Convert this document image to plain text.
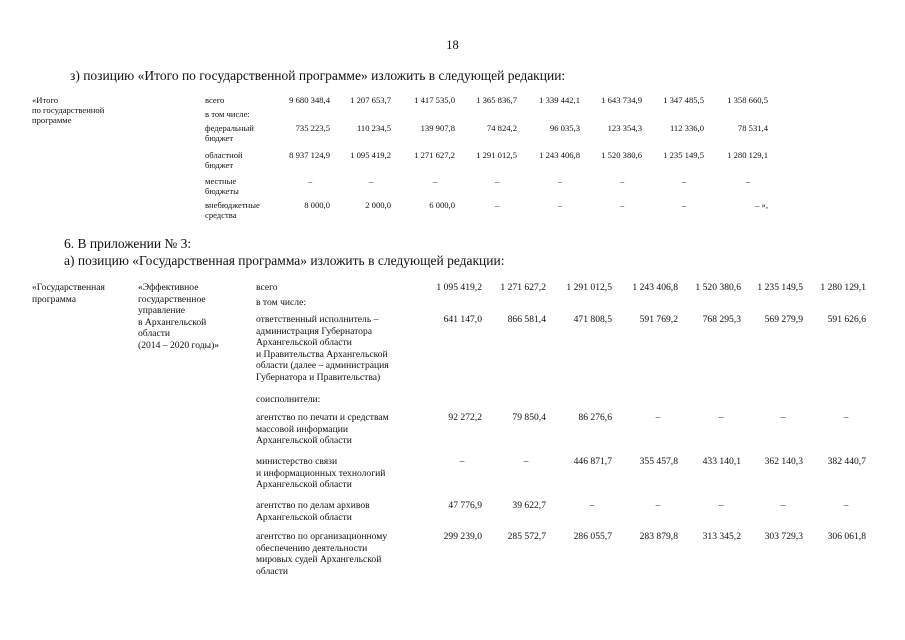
18
з) позицию «Итого по государственной программе» изложить в следующей редакции:
«Итого
по государственной
программе
всего	9 680 348,4	1 207 653,7	1 417 535,0	1 365 836,7	1 339 442,1	1 643 734,9	1 347 485,5	1 358 660,5
в том числе:
федеральный
бюджет
735 223,5	110 234,5	139 907,8	74 824,2	96 035,3	123 354,3	112 336,0	78 531,4
областной
бюджет
8 937 124,9	1 095 419,2	1 271 627,2	1 291 012,5	1 243 406,8	1 520 380,6	1 235 149,5	1 280 129,1
местные
бюджеты
–	–	–	–	–	–	–	–
внебюджетные
средства
8 000,0	2 000,0	6 000,0	–	–	–	–	– »,
6. В приложении № 3:
а) позицию «Государственная программа» изложить в следующей редакции:
«Государственная
программа
«Эффективное
государственное
управление
в Архангельской
области
(2014 – 2020 годы)»
всего	1 095 419,2	1 271 627,2	1 291 012,5	1 243 406,8	1 520 380,6	1 235 149,5	1 280 129,1
в том числе:
ответственный исполнитель –
администрация Губернатора
Архангельской области
и Правительства Архангельской
области (далее – администрация
Губернатора и Правительства)
641 147,0	866 581,4	471 808,5	591 769,2	768 295,3	569 279,9	591 626,6
соисполнители:
агентство по печати и средствам
массовой информации
Архангельской области
92 272,2	79 850,4	86 276,6	–	–	–	–
министерство связи
и информационных технологий
Архангельской области
–	–	446 871,7	355 457,8	433 140,1	362 140,3	382 440,7
агентство по делам архивов
Архангельской области
47 776,9	39 622,7	–	–	–	–	–
агентство по организационному
обеспечению деятельности
мировых судей Архангельской
области
299 239,0	285 572,7	286 055,7	283 879,8	313 345,2	303 729,3	306 061,8
